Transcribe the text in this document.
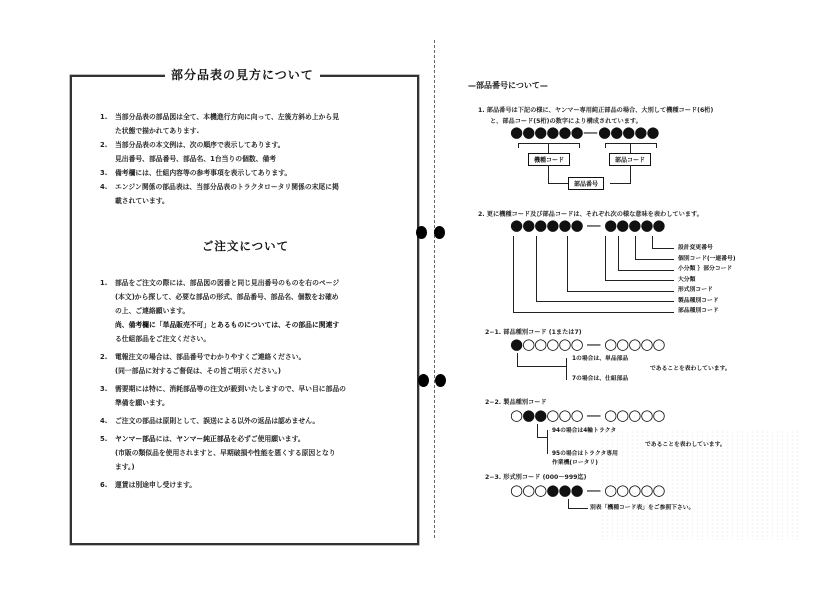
部分品表の見方について
1. 当部分品表の部品図は全て、本機進行方向に向って、左後方斜め上から見
た状態で描かれてあります.
2. 当部分品表の本文例は、次の順序で表示してあります。
見出番号、部品番号、部品名、1台当りの個数、備考
3. 備考欄には、仕組内容等の参考事項を表示してあります。
4. エンジン関係の部品表は、当部分品表のトラクタロータリ関係の末尾に掲
載されています。
ご注文について
1. 部品をご注文の際には、部品図の図番と同じ見出番号のものを右のページ
(本文)から探して、必要な部品の形式、部品番号、部品名、個数をお確め
の上、ご連絡願います。
尚、備考欄に「単品販売不可」とあるものについては、その部品に関連す
る仕組部品をご注文ください。
2. 電報注文の場合は、部品番号でわかりやすくご連絡ください。
(同一部品に対するご督促は、その旨ご明示ください。)
3. 需要期には特に、消耗部品等の注文が殺到いたしますので、早い目に部品の
準備を願います。
4. ご注文の部品は原則として、誤送による以外の返品は認めません。
5. ヤンマー部品には、ヤンマー純正部品を必ずご使用願います。
(市販の類似品を使用されますと、早期破損や性能を悪くする原因となり
ます。)
6. 運賃は別途申し受けます。
—部品番号について—
1. 部品番号は下記の様に、ヤンマー専用純正部品の場合、大別して機種コード(6桁)
と、部品コード(5桁)の数字により構成されています。
●●●●●● — ●●●●●
機種コード	部品コード
部品番号
2. 更に機種コード及び部品コードは、それぞれ次の様な意味を表わしています。
●●●●●● — ●●●●●
設計変更番号
個別コード(一連番号)
小分類 ｝部分コード
大分類
形式別コード
製品種別コード
部品種別コード
2−1. 部品種別コード (1または7)
●○○○○○ — ○○○○○
1の場合は、単品部品
7の場合は、仕組部品
であることを表わしています。
2−2. 製品種別コード
○●●○○○ — ○○○○○
94の場合は4輪トラクタ
95の場合はトラクタ専用
作業機(ロータリ)
であることを表わしています。
2−3. 形式別コード (000〜999迄)
○○○●●● — ○○○○○
別表「機種コード表」をご参照下さい。
